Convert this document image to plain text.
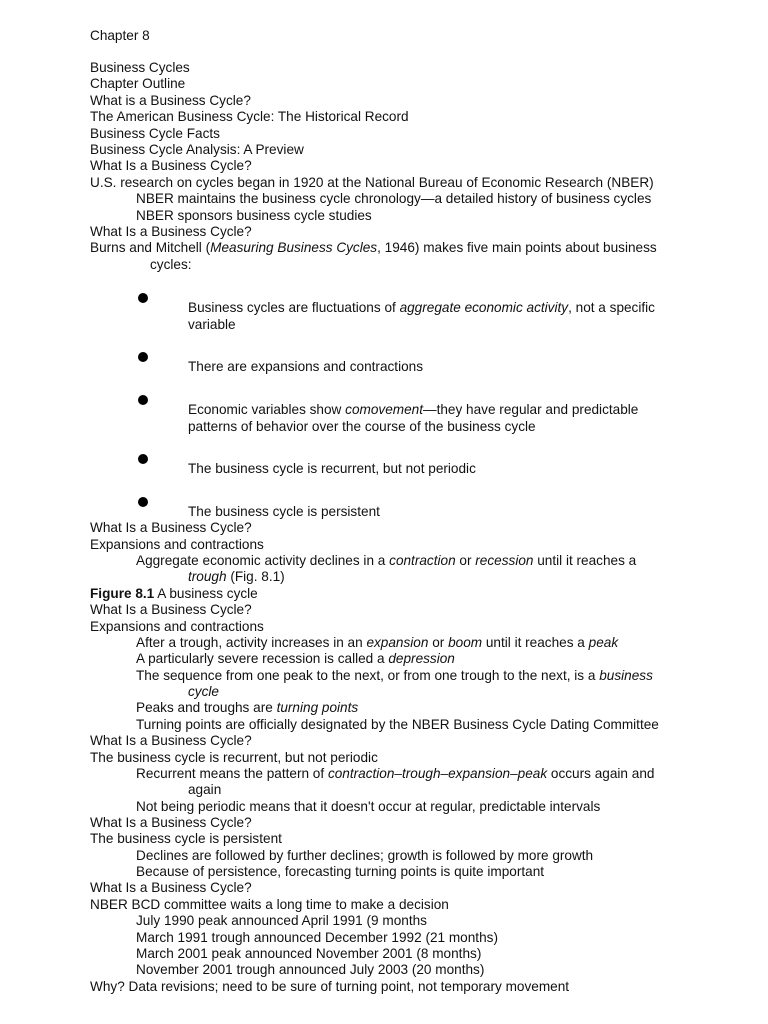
Chapter 8
Business Cycles
Chapter Outline
What is a Business Cycle?
The American Business Cycle: The Historical Record
Business Cycle Facts
Business Cycle Analysis: A Preview
What Is a Business Cycle?
U.S. research on cycles began in 1920 at the National Bureau of Economic Research (NBER)
NBER maintains the business cycle chronology—a detailed history of business cycles
NBER sponsors business cycle studies
What Is a Business Cycle?
Burns and Mitchell (Measuring Business Cycles, 1946) makes five main points about business
cycles:
Business cycles are fluctuations of aggregate economic activity, not a specific
variable
There are expansions and contractions
Economic variables show comovement—they have regular and predictable
patterns of behavior over the course of the business cycle
The business cycle is recurrent, but not periodic
The business cycle is persistent
What Is a Business Cycle?
Expansions and contractions
Aggregate economic activity declines in a contraction or recession until it reaches a
trough (Fig. 8.1)
Figure 8.1 A business cycle
What Is a Business Cycle?
Expansions and contractions
After a trough, activity increases in an expansion or boom until it reaches a peak
A particularly severe recession is called a depression
The sequence from one peak to the next, or from one trough to the next, is a business
cycle
Peaks and troughs are turning points
Turning points are officially designated by the NBER Business Cycle Dating Committee
What Is a Business Cycle?
The business cycle is recurrent, but not periodic
Recurrent means the pattern of contraction–trough–expansion–peak occurs again and
again
Not being periodic means that it doesn't occur at regular, predictable intervals
What Is a Business Cycle?
The business cycle is persistent
Declines are followed by further declines; growth is followed by more growth
Because of persistence, forecasting turning points is quite important
What Is a Business Cycle?
NBER BCD committee waits a long time to make a decision
July 1990 peak announced April 1991 (9 months
March 1991 trough announced December 1992 (21 months)
March 2001 peak announced November 2001 (8 months)
November 2001 trough announced July 2003 (20 months)
Why? Data revisions; need to be sure of turning point, not temporary movement
